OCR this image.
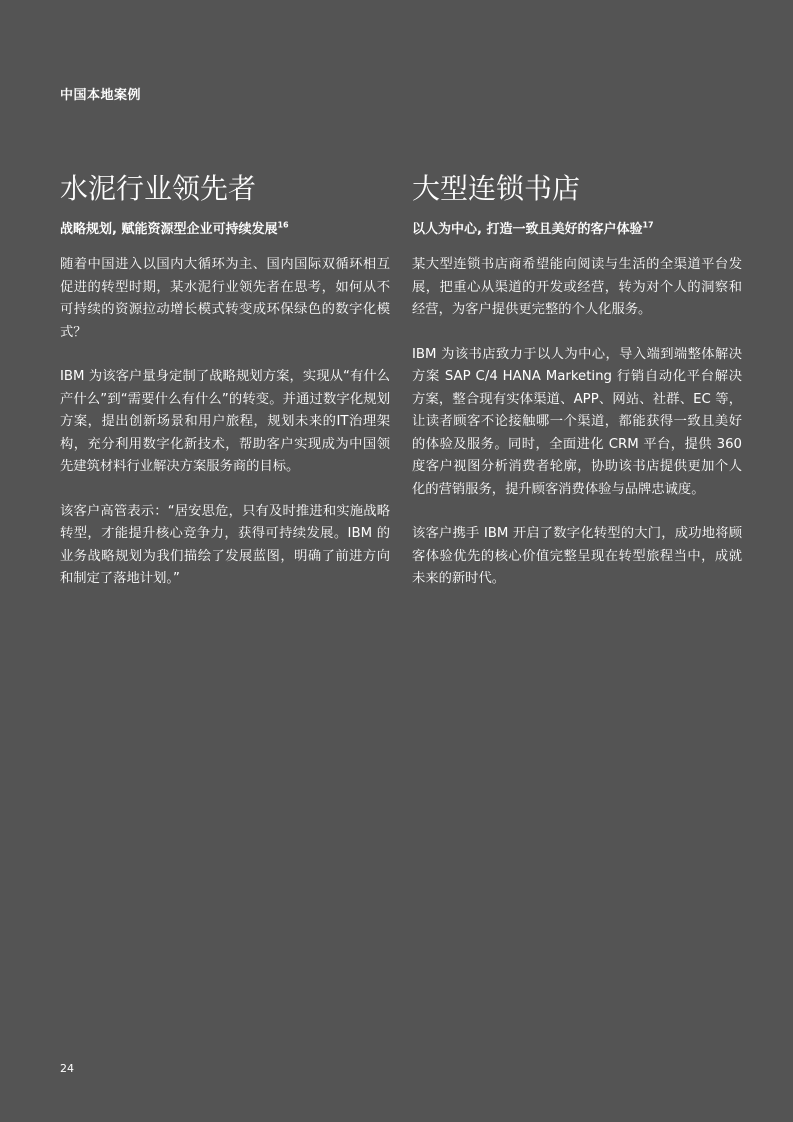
中国本地案例
水泥行业领先者
战略规划, 赋能资源型企业可持续发展$^{16}$

随着中国进入以国内大循环为主、国内国际双循环相互促进的转型时期，某水泥行业领先者在思考，如何从不可持续的资源拉动增长模式转变成环保绿色的数字化模式？

IBM 为该客户量身定制了战略规划方案，实现从“有什么产什么”到“需要什么有什么”的转变。并通过数字化规划方案，提出创新场景和用户旅程，规划未来的IT治理架构，充分利用数字化新技术，帮助客户实现成为中国领先建筑材料行业解决方案服务商的目标。

该客户高管表示：“居安思危，只有及时推进和实施战略转型，才能提升核心竞争力，获得可持续发展。IBM 的业务战略规划为我们描绘了发展蓝图，明确了前进方向和制定了落地计划。”

大型连锁书店
以人为中心, 打造一致且美好的客户体验$^{17}$

某大型连锁书店商希望能向阅读与生活的全渠道平台发展，把重心从渠道的开发或经营，转为对个人的洞察和经营，为客户提供更完整的个人化服务。

IBM 为该书店致力于以人为中心，导入端到端整体解决方案 SAP C/4 HANA Marketing 行销自动化平台解决方案，整合现有实体渠道、APP、网站、社群、EC 等，让读者顾客不论接触哪一个渠道，都能获得一致且美好的体验及服务。同时，全面进化 CRM 平台，提供 360 度客户视图分析消费者轮廓，协助该书店提供更加个人化的营销服务，提升顾客消费体验与品牌忠诚度。

该客户携手 IBM 开启了数字化转型的大门，成功地将顾客体验优先的核心价值完整呈现在转型旅程当中，成就未来的新时代。

24
